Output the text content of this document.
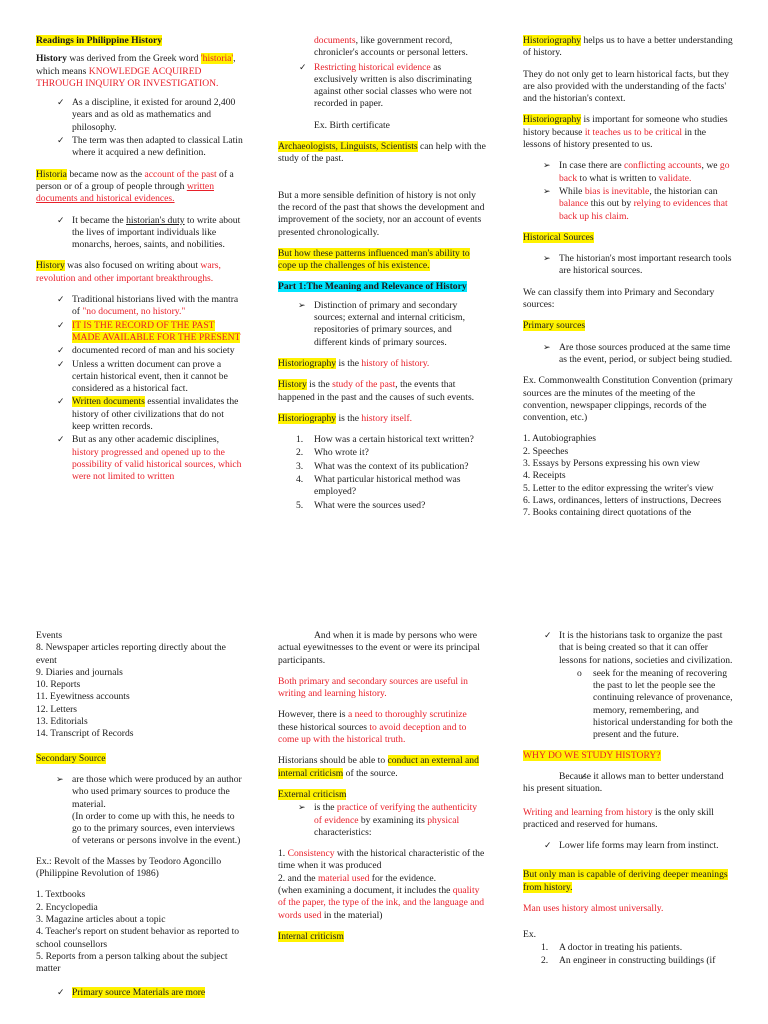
Readings in Philippine History

History was derived from the Greek word 'historia', which means KNOWLEDGE ACQUIRED THROUGH INQUIRY OR INVESTIGATION.

✓ As a discipline, it existed for around 2,400 years and as old as mathematics and philosophy.
✓ The term was then adapted to classical Latin where it acquired a new definition.

Historia became now as the account of the past of a person or of a group of people through written documents and historical evidences.

✓ It became the historian's duty to write about the lives of important individuals like monarchs, heroes, saints, and nobilities.

History was also focused on writing about wars, revolution and other important breakthroughs.

✓ Traditional historians lived with the mantra of "no document, no history."
✓ IT IS THE RECORD OF THE PAST MADE AVAILABLE FOR THE PRESENT
✓ documented record of man and his society
✓ Unless a written document can prove a certain historical event, then it cannot be considered as a historical fact.
✓ Written documents essential invalidates the history of other civilizations that do not keep written records.
✓ But as any other academic disciplines, history progressed and opened up to the possibility of valid historical sources, which were not limited to written

documents, like government record, chronicler's accounts or personal letters.

✓ Restricting historical evidence as exclusively written is also discriminating against other social classes who were not recorded in paper.

Ex. Birth certificate

Archaeologists, Linguists, Scientists can help with the study of the past.

But a more sensible definition of history is not only the record of the past that shows the development and improvement of the society, nor an account of events presented chronologically.

But how these patterns influenced man's ability to cope up the challenges of his existence.

Part 1:The Meaning and Relevance of History

➢ Distinction of primary and secondary sources; external and internal criticism, repositories of primary sources, and different kinds of primary sources.

Historiography is the history of history.

History is the study of the past, the events that happened in the past and the causes of such events.

Historiography is the history itself.

1. How was a certain historical text written?
2. Who wrote it?
3. What was the context of its publication?
4. What particular historical method was employed?
5. What were the sources used?

Historiography helps us to have a better understanding of history.

They do not only get to learn historical facts, but they are also provided with the understanding of the facts' and the historian's context.

Historiography is important for someone who studies history because it teaches us to be critical in the lessons of history presented to us.

➢ In case there are conflicting accounts, we go back to what is written to validate.
➢ While bias is inevitable, the historian can balance this out by relying to evidences that back up his claim.

Historical Sources

➢ The historian's most important research tools are historical sources.

We can classify them into Primary and Secondary sources:

Primary sources

➢ Are those sources produced at the same time as the event, period, or subject being studied.

Ex. Commonwealth Constitution Convention (primary sources are the minutes of the meeting of the convention, newspaper clippings, records of the convention, etc.)

1. Autobiographies
2. Speeches
3. Essays by Persons expressing his own view
4. Receipts
5. Letter to the editor expressing the writer's view
6. Laws, ordinances, letters of instructions, Decrees
7. Books containing direct quotations of the
Events
8. Newspaper articles reporting directly about the event
9. Diaries and journals
10. Reports
11. Eyewitness accounts
12. Letters
13. Editorials
14. Transcript of Records

Secondary Source

➢ are those which were produced by an author who used primary sources to produce the material.
(In order to come up with this, he needs to go to the primary sources, even interviews of veterans or persons involve in the event.)

Ex.: Revolt of the Masses by Teodoro Agoncillo (Philippine Revolution of 1986)

1. Textbooks
2. Encyclopedia
3. Magazine articles about a topic
4. Teacher's report on student behavior as reported to school counsellors
5. Reports from a person talking about the subject matter
✓ Primary source Materials are more

And when it is made by persons who were actual eyewitnesses to the event or were its principal participants.

Both primary and secondary sources are useful in writing and learning history.

However, there is a need to thoroughly scrutinize these historical sources to avoid deception and to come up with the historical truth.

Historians should be able to conduct an external and internal criticism of the source.

External criticism

➢ is the practice of verifying the authenticity of evidence by examining its physical characteristics:

1. Consistency with the historical characteristic of the time when it was produced

2. and the material used for the evidence.

(when examining a document, it includes the quality of the paper, the type of the ink, and the language and words used in the material)

Internal criticism

✓ It is the historians task to organize the past that is being created so that it can offer lessons for nations, societies and civilization.
o seek for the meaning of recovering the past to let the people see the continuing relevance of provenance, memory, remembering, and historical understanding for both the present and the future.

WHY DO WE STUDY HISTORY?

✓ Because it allows man to better understand his present situation.

Writing and learning from history is the only skill practiced and reserved for humans.

✓ Lower life forms may learn from instinct.

But only man is capable of deriving deeper meanings from history.

Man uses history almost universally.

Ex.

1. A doctor in treating his patients.
2. An engineer in constructing buildings (if
